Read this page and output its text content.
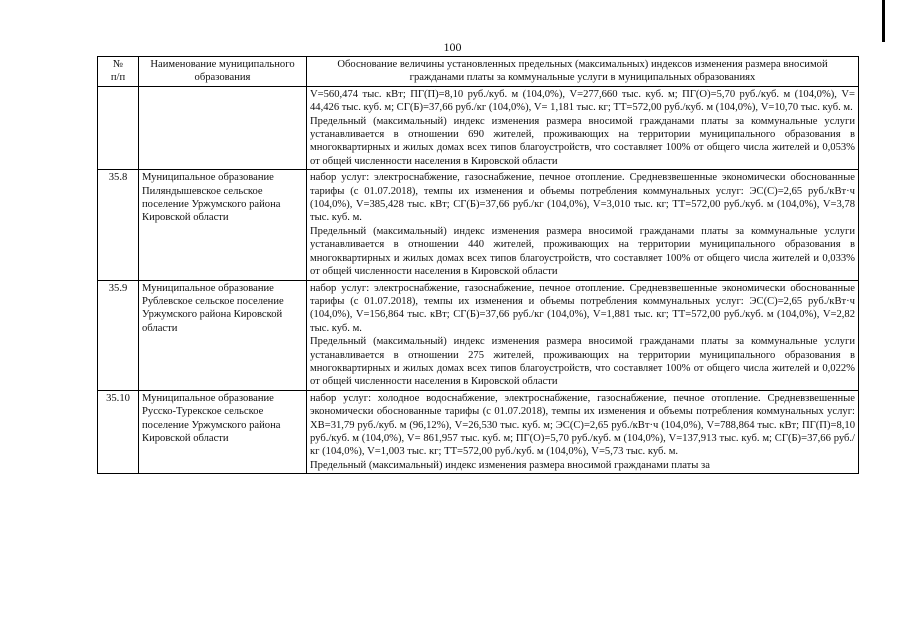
100
№
п/п	Наименование муниципального образования	Обоснование величины установленных предельных (максимальных) индексов изменения размера вносимой гражданами платы за коммунальные услуги в муниципальных образованиях

		V=560,474 тыс. кВт; ПГ(П)=8,10 руб./куб. м (104,0%), V=277,660 тыс. куб. м; ПГ(О)=5,70 руб./куб. м (104,0%), V= 44,426 тыс. куб. м; СГ(Б)=37,66 руб./кг (104,0%), V= 1,181 тыс. кг; ТТ=572,00 руб./куб. м (104,0%), V=10,70 тыс. куб. м.

Предельный (максимальный) индекс изменения размера вносимой гражданами платы за коммунальные услуги устанавливается в отношении 690 жителей, проживающих на территории муниципального образования в многоквартирных и жилых домах всех типов благоустройств, что составляет 100% от общего числа жителей и 0,053% от общей численности населения в Кировской области

35.8	Муниципальное образование Пиляндышевское сельское поселение Уржумского района Кировской области	набор услуг: электроснабжение, газоснабжение, печное отопление. Средневзвешенные экономически обоснованные тарифы (с 01.07.2018), темпы их изменения и объемы потребления коммунальных услуг: ЭС(С)=2,65 руб./кВт·ч (104,0%), V=385,428 тыс. кВт; СГ(Б)=37,66 руб./кг (104,0%), V=3,010 тыс. кг; ТТ=572,00 руб./куб. м (104,0%), V=3,78 тыс. куб. м.

Предельный (максимальный) индекс изменения размера вносимой гражданами платы за коммунальные услуги устанавливается в отношении 440 жителей, проживающих на территории муниципального образования в многоквартирных и жилых домах всех типов благоустройств, что составляет 100% от общего числа жителей и 0,033% от общей численности населения в Кировской области

35.9	Муниципальное образование Рублевское сельское поселение Уржумского района Кировской области	набор услуг: электроснабжение, газоснабжение, печное отопление. Средневзвешенные экономически обоснованные тарифы (с 01.07.2018), темпы их изменения и объемы потребления коммунальных услуг: ЭС(С)=2,65 руб./кВт·ч (104,0%), V=156,864 тыс. кВт; СГ(Б)=37,66 руб./кг (104,0%), V=1,881 тыс. кг; ТТ=572,00 руб./куб. м (104,0%), V=2,82 тыс. куб. м.

Предельный (максимальный) индекс изменения размера вносимой гражданами платы за коммунальные услуги устанавливается в отношении 275 жителей, проживающих на территории муниципального образования в многоквартирных и жилых домах всех типов благоустройств, что составляет 100% от общего числа жителей и 0,022% от общей численности населения в Кировской области

35.10	Муниципальное образование Русско-Турекское сельское поселение Уржумского района Кировской области	набор услуг: холодное водоснабжение, электроснабжение, газоснабжение, печное отопление. Средневзвешенные экономически обоснованные тарифы (с 01.07.2018), темпы их изменения и объемы потребления коммунальных услуг: ХВ=31,79 руб./куб. м (96,12%), V=26,530 тыс. куб. м; ЭС(С)=2,65 руб./кВт·ч (104,0%), V=788,864 тыс. кВт; ПГ(П)=8,10 руб./куб. м (104,0%), V= 861,957 тыс. куб. м; ПГ(О)=5,70 руб./куб. м (104,0%), V=137,913 тыс. куб. м; СГ(Б)=37,66 руб./кг (104,0%), V=1,003 тыс. кг; ТТ=572,00 руб./куб. м (104,0%), V=5,73 тыс. куб. м.

Предельный (максимальный) индекс изменения размера вносимой гражданами платы за
